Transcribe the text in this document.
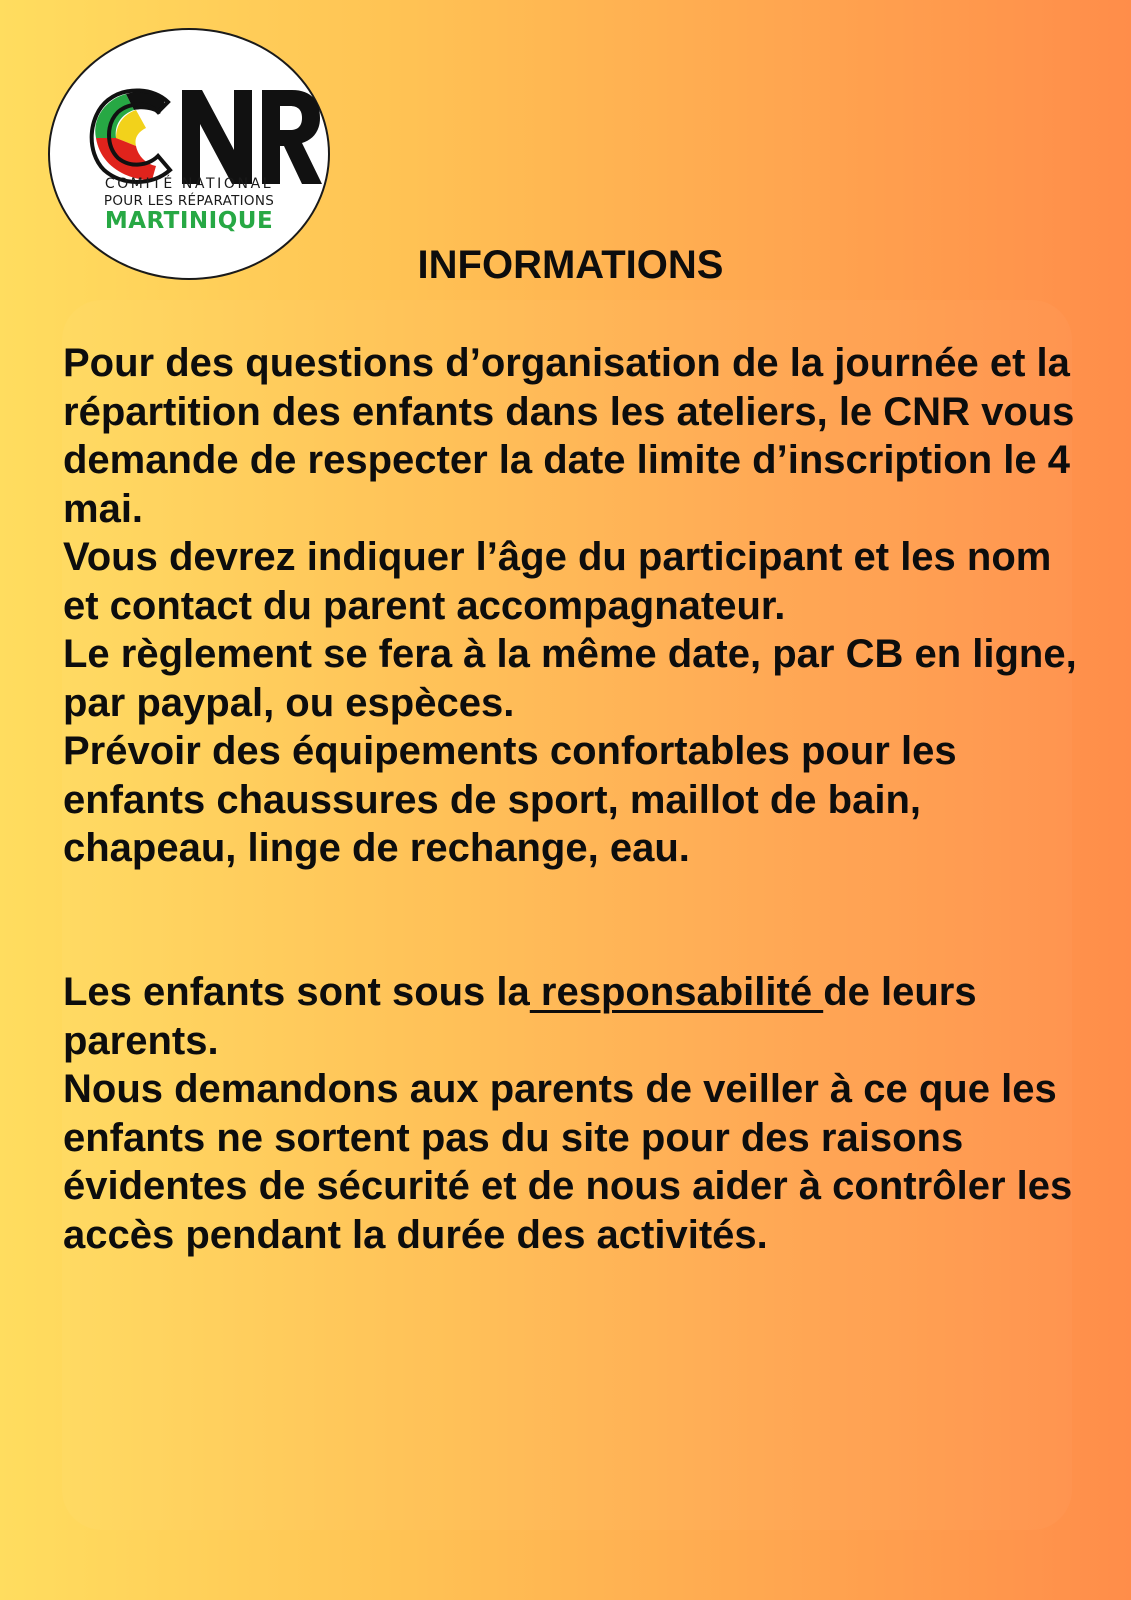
COMITÉ NATIONAL
POUR LES RÉPARATIONS
MARTINIQUE
INFORMATIONS

Pour des questions d’organisation de la journée et la répartition des enfants dans les ateliers, le CNR vous demande de respecter la date limite d’inscription le 4 mai.

Vous devrez indiquer l’âge du participant et les nom et contact du parent accompagnateur.

Le règlement se fera à la même date, par CB en ligne, par paypal, ou espèces.

Prévoir des équipements confortables pour les enfants chaussures de sport, maillot de bain, chapeau, linge de rechange, eau.

Les enfants sont sous la responsabilité de leurs parents.

Nous demandons aux parents de veiller à ce que les enfants ne sortent pas du site pour des raisons évidentes de sécurité et de nous aider à contrôler les accès pendant la durée des activités.
